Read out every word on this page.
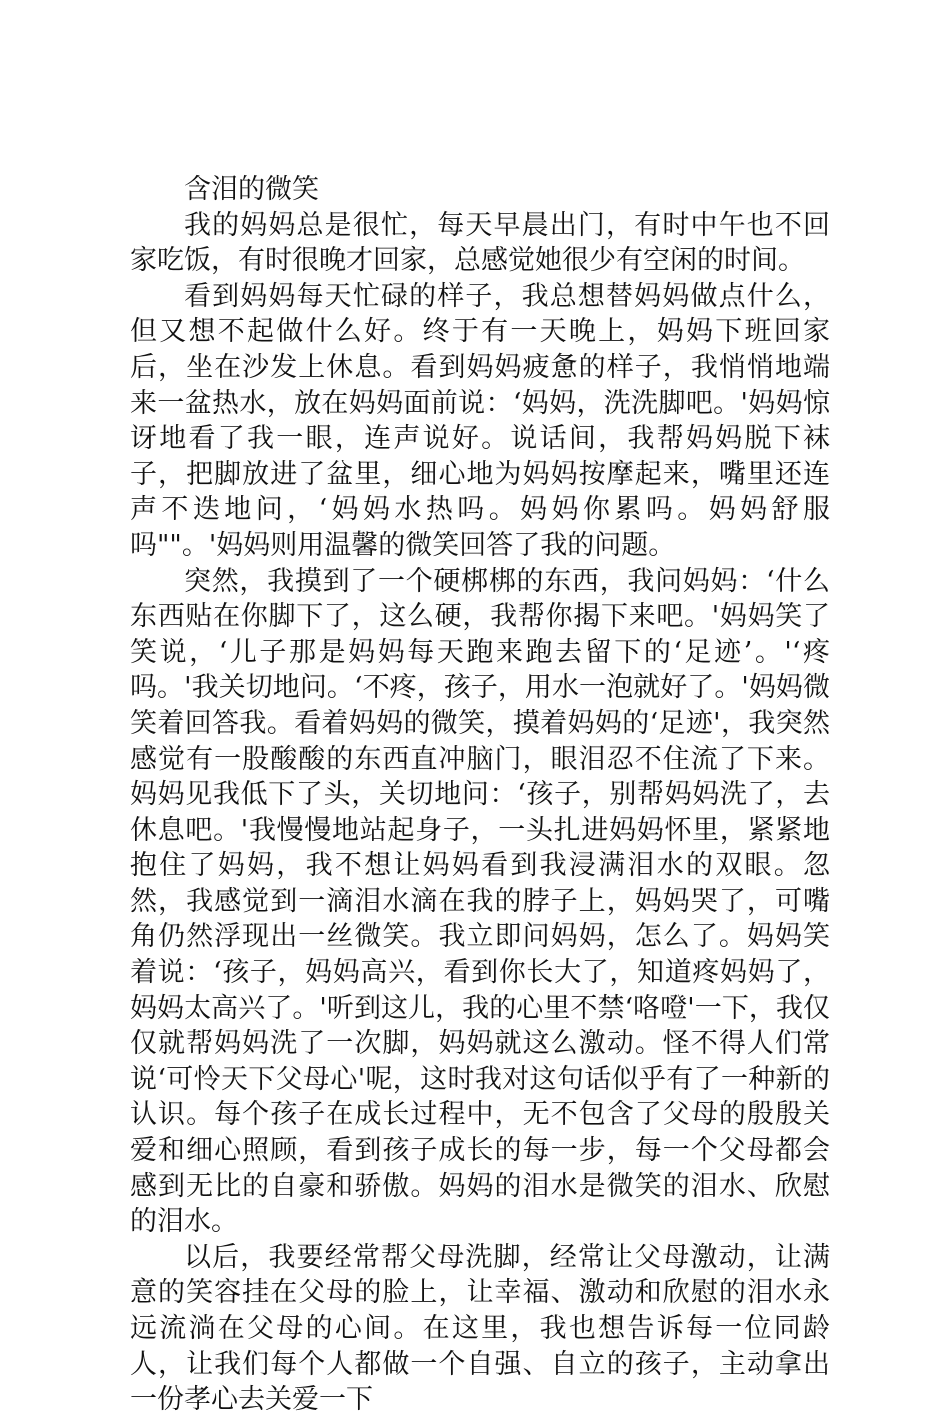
含泪的微笑

我的妈妈总是很忙，每天早晨出门，有时中午也不回家吃饭，有时很晚才回家，总感觉她很少有空闲的时间。

看到妈妈每天忙碌的样子，我总想替妈妈做点什么，但又想不起做什么好。终于有一天晚上，妈妈下班回家后，坐在沙发上休息。看到妈妈疲惫的样子，我悄悄地端来一盆热水，放在妈妈面前说：‘妈妈，洗洗脚吧。'妈妈惊讶地看了我一眼，连声说好。说话间，我帮妈妈脱下袜子，把脚放进了盆里，细心地为妈妈按摩起来，嘴里还连声不迭地问，‘妈妈水热吗。妈妈你累吗。妈妈舒服吗""。'妈妈则用温馨的微笑回答了我的问题。

突然，我摸到了一个硬梆梆的东西，我问妈妈：‘什么东西贴在你脚下了，这么硬，我帮你揭下来吧。'妈妈笑了笑说，‘儿子那是妈妈每天跑来跑去留下的‘足迹’。'‘疼吗。'我关切地问。‘不疼，孩子，用水一泡就好了。'妈妈微笑着回答我。看着妈妈的微笑，摸着妈妈的‘足迹'，我突然感觉有一股酸酸的东西直冲脑门，眼泪忍不住流了下来。妈妈见我低下了头，关切地问：‘孩子，别帮妈妈洗了，去休息吧。'我慢慢地站起身子，一头扎进妈妈怀里，紧紧地抱住了妈妈，我不想让妈妈看到我浸满泪水的双眼。忽然，我感觉到一滴泪水滴在我的脖子上，妈妈哭了，可嘴角仍然浮现出一丝微笑。我立即问妈妈，怎么了。妈妈笑着说：‘孩子，妈妈高兴，看到你长大了，知道疼妈妈了，妈妈太高兴了。'听到这儿，我的心里不禁‘咯噔'一下，我仅仅就帮妈妈洗了一次脚，妈妈就这么激动。怪不得人们常说‘可怜天下父母心'呢，这时我对这句话似乎有了一种新的认识。每个孩子在成长过程中，无不包含了父母的殷殷关爱和细心照顾，看到孩子成长的每一步，每一个父母都会感到无比的自豪和骄傲。妈妈的泪水是微笑的泪水、欣慰的泪水。

以后，我要经常帮父母洗脚，经常让父母激动，让满意的笑容挂在父母的脸上，让幸福、激动和欣慰的泪水永远流淌在父母的心间。在这里，我也想告诉每一位同龄人，让我们每个人都做一个自强、自立的孩子，主动拿出一份孝心去关爱一下
